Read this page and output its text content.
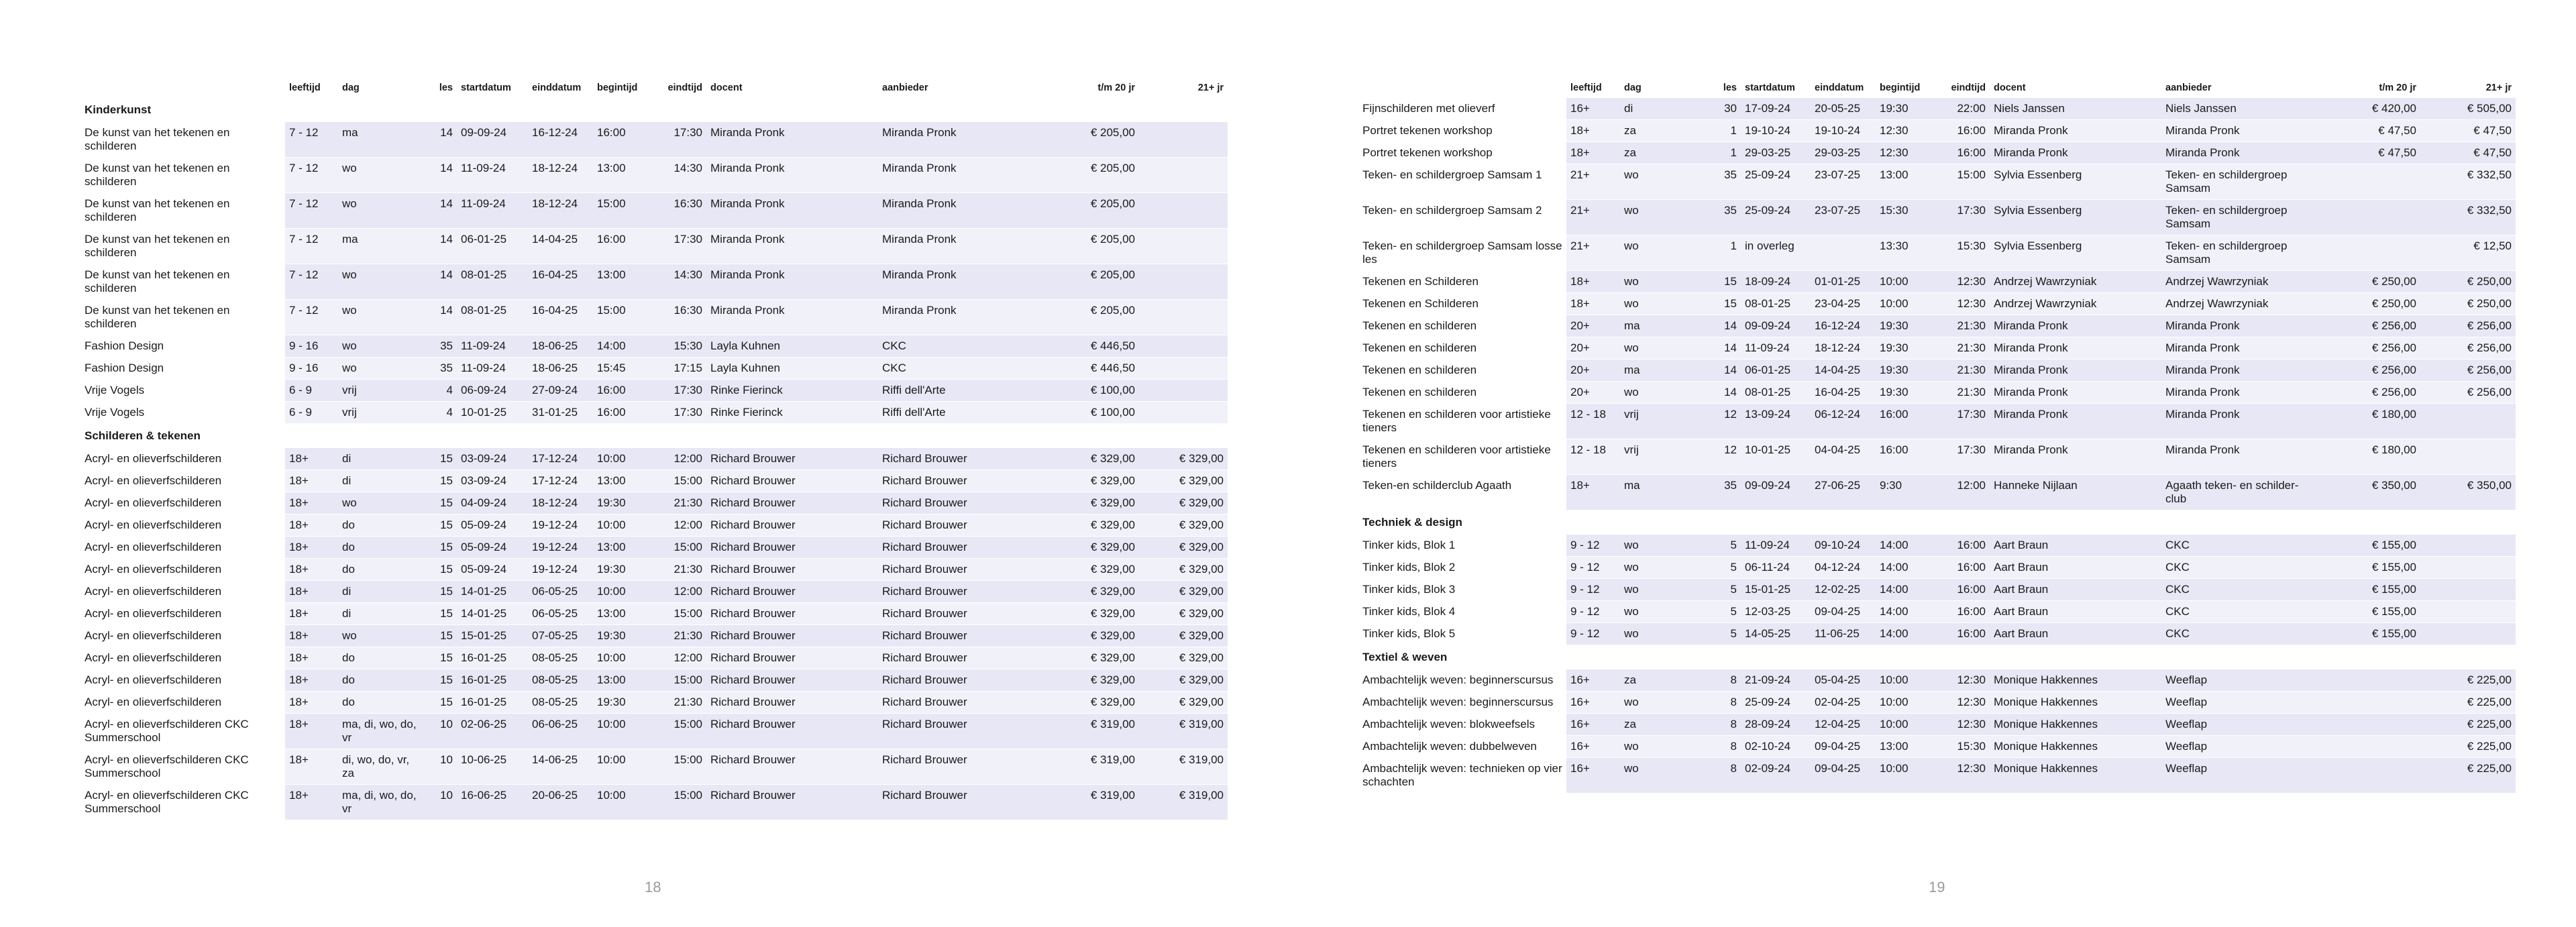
	leeftijd	dag	les	startdatum	einddatum	begintijd	eindtijd	docent	aanbieder	t/m 20 jr	21+ jr
Kinderkunst											
De kunst van het tekenen en schilderen	7 - 12	ma	14	09-09-24	16-12-24	16:00	17:30	Miranda Pronk	Miranda Pronk	€ 205,00	
De kunst van het tekenen en schilderen	7 - 12	wo	14	11-09-24	18-12-24	13:00	14:30	Miranda Pronk	Miranda Pronk	€ 205,00	
De kunst van het tekenen en schilderen	7 - 12	wo	14	11-09-24	18-12-24	15:00	16:30	Miranda Pronk	Miranda Pronk	€ 205,00	
De kunst van het tekenen en schilderen	7 - 12	ma	14	06-01-25	14-04-25	16:00	17:30	Miranda Pronk	Miranda Pronk	€ 205,00	
De kunst van het tekenen en schilderen	7 - 12	wo	14	08-01-25	16-04-25	13:00	14:30	Miranda Pronk	Miranda Pronk	€ 205,00	
De kunst van het tekenen en schilderen	7 - 12	wo	14	08-01-25	16-04-25	15:00	16:30	Miranda Pronk	Miranda Pronk	€ 205,00	
Fashion Design	9 - 16	wo	35	11-09-24	18-06-25	14:00	15:30	Layla Kuhnen	CKC	€ 446,50	
Fashion Design	9 - 16	wo	35	11-09-24	18-06-25	15:45	17:15	Layla Kuhnen	CKC	€ 446,50	
Vrije Vogels	6 - 9	vrij	4	06-09-24	27-09-24	16:00	17:30	Rinke Fierinck	Riffi dell'Arte	€ 100,00	
Vrije Vogels	6 - 9	vrij	4	10-01-25	31-01-25	16:00	17:30	Rinke Fierinck	Riffi dell'Arte	€ 100,00	
Schilderen & tekenen											
Acryl- en olieverfschilderen	18+	di	15	03-09-24	17-12-24	10:00	12:00	Richard Brouwer	Richard Brouwer	€ 329,00	€ 329,00
Acryl- en olieverfschilderen	18+	di	15	03-09-24	17-12-24	13:00	15:00	Richard Brouwer	Richard Brouwer	€ 329,00	€ 329,00
Acryl- en olieverfschilderen	18+	wo	15	04-09-24	18-12-24	19:30	21:30	Richard Brouwer	Richard Brouwer	€ 329,00	€ 329,00
Acryl- en olieverfschilderen	18+	do	15	05-09-24	19-12-24	10:00	12:00	Richard Brouwer	Richard Brouwer	€ 329,00	€ 329,00
Acryl- en olieverfschilderen	18+	do	15	05-09-24	19-12-24	13:00	15:00	Richard Brouwer	Richard Brouwer	€ 329,00	€ 329,00
Acryl- en olieverfschilderen	18+	do	15	05-09-24	19-12-24	19:30	21:30	Richard Brouwer	Richard Brouwer	€ 329,00	€ 329,00
Acryl- en olieverfschilderen	18+	di	15	14-01-25	06-05-25	10:00	12:00	Richard Brouwer	Richard Brouwer	€ 329,00	€ 329,00
Acryl- en olieverfschilderen	18+	di	15	14-01-25	06-05-25	13:00	15:00	Richard Brouwer	Richard Brouwer	€ 329,00	€ 329,00
Acryl- en olieverfschilderen	18+	wo	15	15-01-25	07-05-25	19:30	21:30	Richard Brouwer	Richard Brouwer	€ 329,00	€ 329,00
Acryl- en olieverfschilderen	18+	do	15	16-01-25	08-05-25	10:00	12:00	Richard Brouwer	Richard Brouwer	€ 329,00	€ 329,00
Acryl- en olieverfschilderen	18+	do	15	16-01-25	08-05-25	13:00	15:00	Richard Brouwer	Richard Brouwer	€ 329,00	€ 329,00
Acryl- en olieverfschilderen	18+	do	15	16-01-25	08-05-25	19:30	21:30	Richard Brouwer	Richard Brouwer	€ 329,00	€ 329,00
Acryl- en olieverfschilderen CKC Summerschool	18+	ma, di, wo, do, vr	10	02-06-25	06-06-25	10:00	15:00	Richard Brouwer	Richard Brouwer	€ 319,00	€ 319,00
Acryl- en olieverfschilderen CKC Summerschool	18+	di, wo, do, vr, za	10	10-06-25	14-06-25	10:00	15:00	Richard Brouwer	Richard Brouwer	€ 319,00	€ 319,00
Acryl- en olieverfschilderen CKC Summerschool	18+	ma, di, wo, do, vr	10	16-06-25	20-06-25	10:00	15:00	Richard Brouwer	Richard Brouwer	€ 319,00	€ 319,00
18
	leeftijd	dag	les	startdatum	einddatum	begintijd	eindtijd	docent	aanbieder	t/m 20 jr	21+ jr
Fijnschilderen met olieverf	16+	di	30	17-09-24	20-05-25	19:30	22:00	Niels Janssen	Niels Janssen	€ 420,00	€ 505,00
Portret tekenen workshop	18+	za	1	19-10-24	19-10-24	12:30	16:00	Miranda Pronk	Miranda Pronk	€ 47,50	€ 47,50
Portret tekenen workshop	18+	za	1	29-03-25	29-03-25	12:30	16:00	Miranda Pronk	Miranda Pronk	€ 47,50	€ 47,50
Teken- en schildergroep Samsam 1	21+	wo	35	25-09-24	23-07-25	13:00	15:00	Sylvia Essenberg	Teken- en schildergroep Samsam		€ 332,50
Teken- en schildergroep Samsam 2	21+	wo	35	25-09-24	23-07-25	15:30	17:30	Sylvia Essenberg	Teken- en schildergroep Samsam		€ 332,50
Teken- en schildergroep Samsam losse les	21+	wo	1	in overleg		13:30	15:30	Sylvia Essenberg	Teken- en schildergroep Samsam		€ 12,50
Tekenen en Schilderen	18+	wo	15	18-09-24	01-01-25	10:00	12:30	Andrzej Wawrzyniak	Andrzej Wawrzyniak	€ 250,00	€ 250,00
Tekenen en Schilderen	18+	wo	15	08-01-25	23-04-25	10:00	12:30	Andrzej Wawrzyniak	Andrzej Wawrzyniak	€ 250,00	€ 250,00
Tekenen en schilderen	20+	ma	14	09-09-24	16-12-24	19:30	21:30	Miranda Pronk	Miranda Pronk	€ 256,00	€ 256,00
Tekenen en schilderen	20+	wo	14	11-09-24	18-12-24	19:30	21:30	Miranda Pronk	Miranda Pronk	€ 256,00	€ 256,00
Tekenen en schilderen	20+	ma	14	06-01-25	14-04-25	19:30	21:30	Miranda Pronk	Miranda Pronk	€ 256,00	€ 256,00
Tekenen en schilderen	20+	wo	14	08-01-25	16-04-25	19:30	21:30	Miranda Pronk	Miranda Pronk	€ 256,00	€ 256,00
Tekenen en schilderen voor artistieke tieners	12 - 18	vrij	12	13-09-24	06-12-24	16:00	17:30	Miranda Pronk	Miranda Pronk	€ 180,00	
Tekenen en schilderen voor artistieke tieners	12 - 18	vrij	12	10-01-25	04-04-25	16:00	17:30	Miranda Pronk	Miranda Pronk	€ 180,00	
Teken-en schilderclub Agaath	18+	ma	35	09-09-24	27-06-25	9:30	12:00	Hanneke Nijlaan	Agaath teken- en schilder-club	€ 350,00	€ 350,00
Techniek & design											
Tinker kids, Blok 1	9 - 12	wo	5	11-09-24	09-10-24	14:00	16:00	Aart Braun	CKC	€ 155,00	
Tinker kids, Blok 2	9 - 12	wo	5	06-11-24	04-12-24	14:00	16:00	Aart Braun	CKC	€ 155,00	
Tinker kids, Blok 3	9 - 12	wo	5	15-01-25	12-02-25	14:00	16:00	Aart Braun	CKC	€ 155,00	
Tinker kids, Blok 4	9 - 12	wo	5	12-03-25	09-04-25	14:00	16:00	Aart Braun	CKC	€ 155,00	
Tinker kids, Blok 5	9 - 12	wo	5	14-05-25	11-06-25	14:00	16:00	Aart Braun	CKC	€ 155,00	
Textiel & weven											
Ambachtelijk weven: beginnerscursus	16+	za	8	21-09-24	05-04-25	10:00	12:30	Monique Hakkennes	Weeflap		€ 225,00
Ambachtelijk weven: beginnerscursus	16+	wo	8	25-09-24	02-04-25	10:00	12:30	Monique Hakkennes	Weeflap		€ 225,00
Ambachtelijk weven: blokweefsels	16+	za	8	28-09-24	12-04-25	10:00	12:30	Monique Hakkennes	Weeflap		€ 225,00
Ambachtelijk weven: dubbelweven	16+	wo	8	02-10-24	09-04-25	13:00	15:30	Monique Hakkennes	Weeflap		€ 225,00
Ambachtelijk weven: technieken op vier schachten	16+	wo	8	02-09-24	09-04-25	10:00	12:30	Monique Hakkennes	Weeflap		€ 225,00
19
